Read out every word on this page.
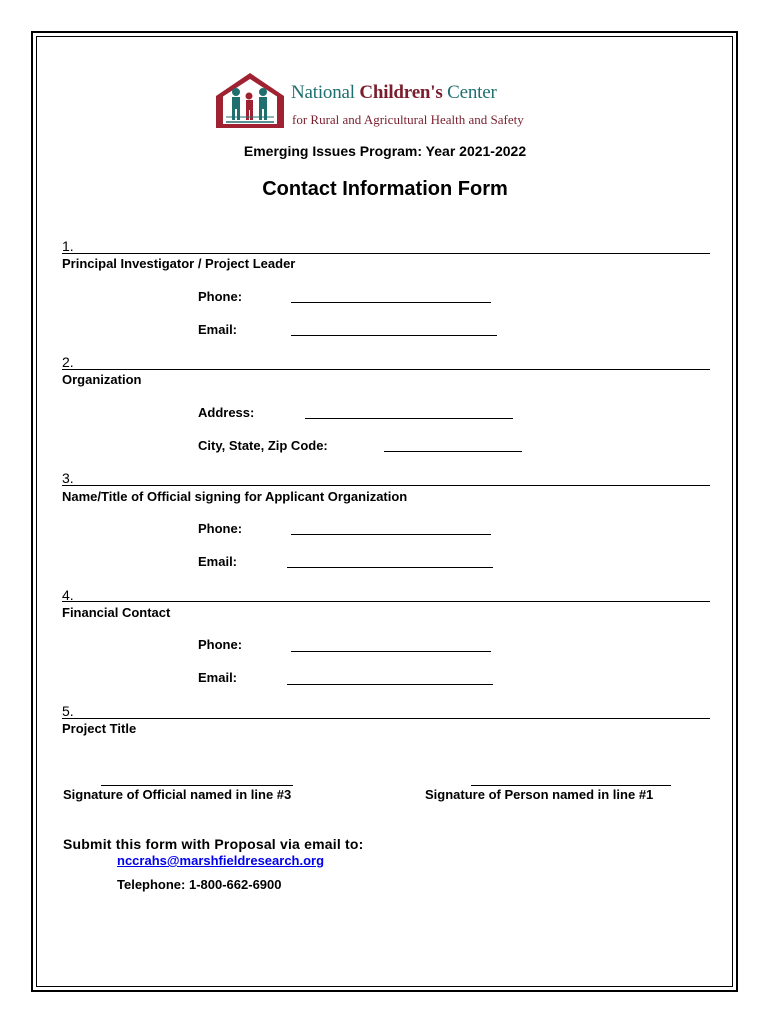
National Children's Center
for Rural and Agricultural Health and Safety
Emerging Issues Program: Year 2021-2022
Contact Information Form
1.
Principal Investigator / Project Leader
Phone:
Email:
2.
Organization
Address:
City, State, Zip Code:
3.
Name/Title of Official signing for Applicant Organization
Phone:
Email:
4.
Financial Contact
Phone:
Email:
5.
Project Title
Signature of Official named in line #3	Signature of Person named in line #1
Submit this form with Proposal via email to:
nccrahs@marshfieldresearch.org
Telephone: 1-800-662-6900
